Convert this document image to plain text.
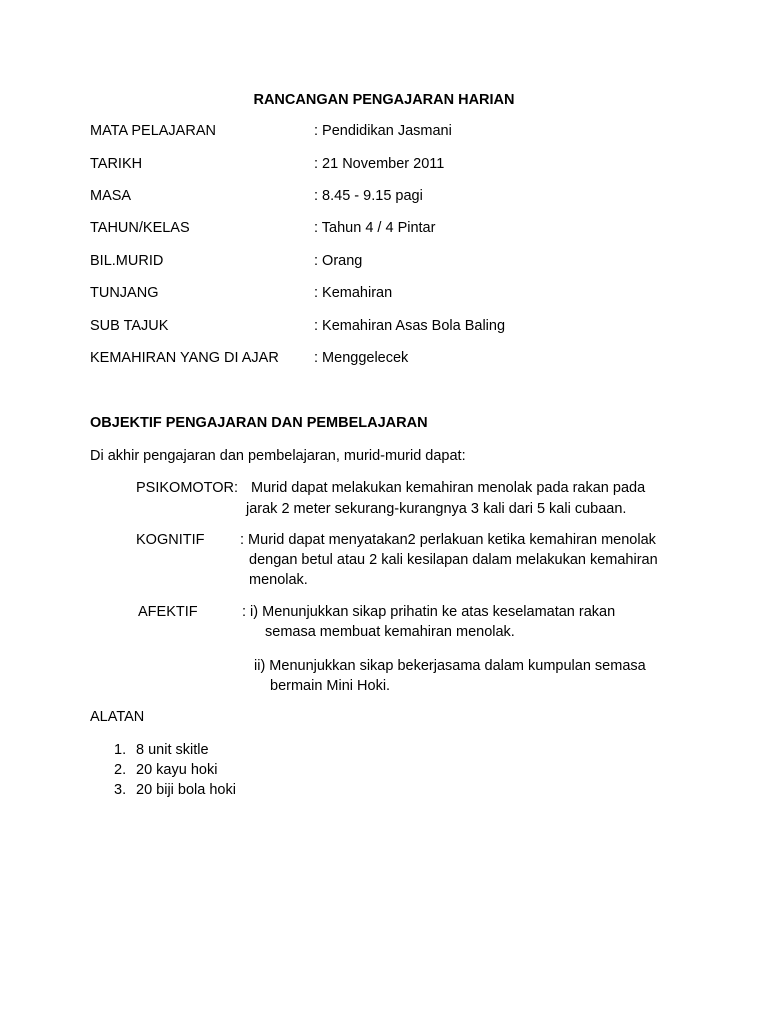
RANCANGAN PENGAJARAN HARIAN
MATA PELAJARAN	: Pendidikan Jasmani
TARIKH	: 21 November 2011
MASA	: 8.45 - 9.15 pagi
TAHUN/KELAS	: Tahun 4 / 4 Pintar
BIL.MURID	: Orang
TUNJANG	: Kemahiran
SUB TAJUK	: Kemahiran Asas Bola Baling
KEMAHIRAN YANG DI AJAR : Menggelecek
OBJEKTIF PENGAJARAN DAN PEMBELAJARAN
Di akhir pengajaran dan pembelajaran, murid-murid dapat:
PSIKOMOTOR: Murid dapat melakukan kemahiran menolak pada rakan pada
jarak 2 meter sekurang-kurangnya 3 kali dari 5 kali cubaan.
KOGNITIF : Murid dapat menyatakan2 perlakuan ketika kemahiran menolak
dengan betul atau 2 kali kesilapan dalam melakukan kemahiran
menolak.
AFEKTIF	: i) Menunjukkan sikap prihatin ke atas keselamatan rakan
semasa membuat kemahiran menolak.
ii) Menunjukkan sikap bekerjasama dalam kumpulan semasa
bermain Mini Hoki.
ALATAN
1. 8 unit skitle
2. 20 kayu hoki
3. 20 biji bola hoki
